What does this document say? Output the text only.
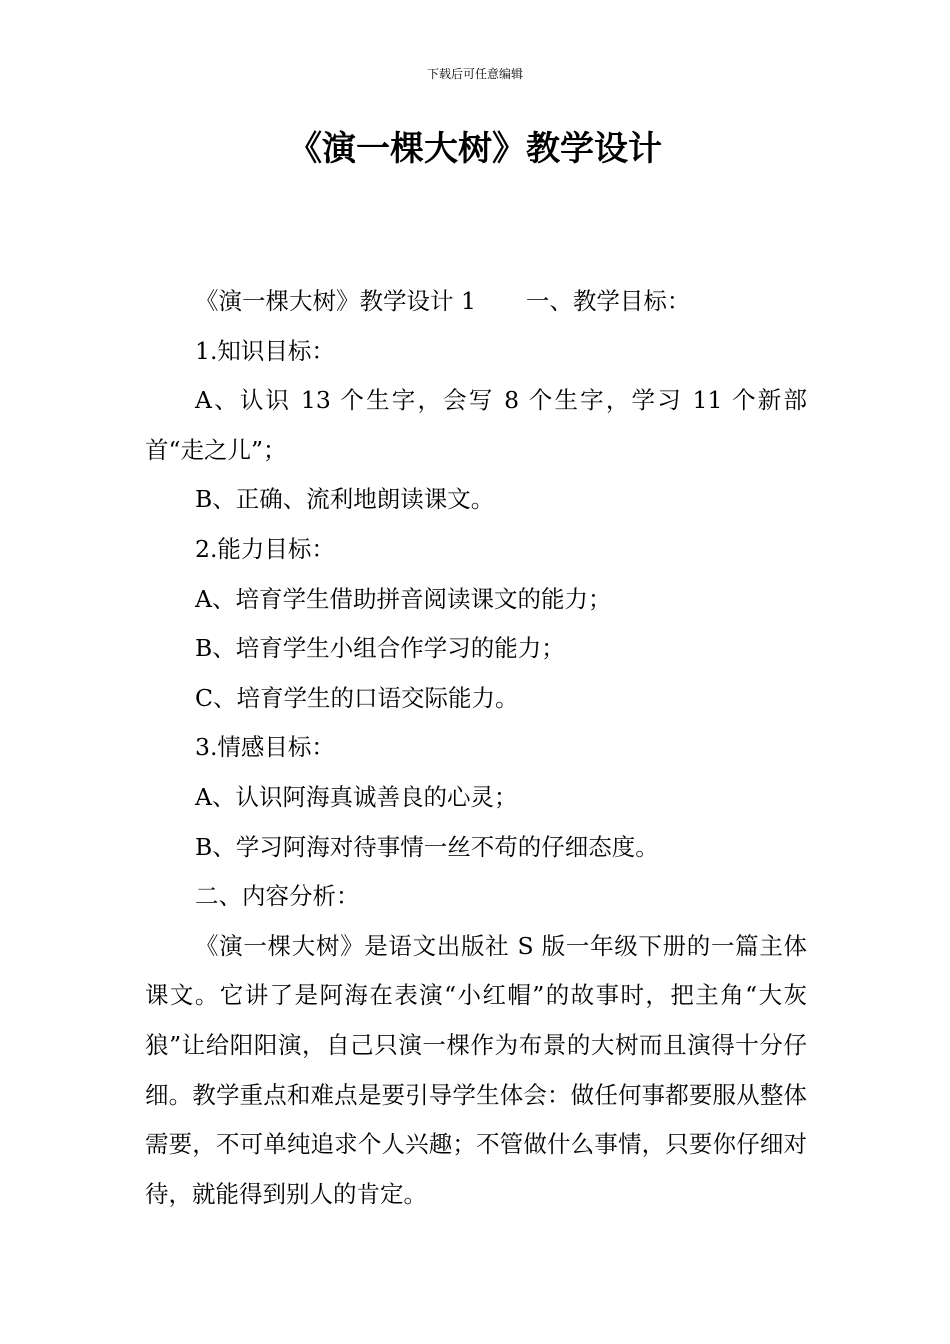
下载后可任意编辑
《演一棵大树》教学设计

《演一棵大树》教学设计 1 一、教学目标：

1.知识目标：

A、认识 13 个生字，会写 8 个生字，学习 11 个新部首“走之儿”；

B、正确、流利地朗读课文。

2.能力目标：

A、培育学生借助拼音阅读课文的能力；

B、培育学生小组合作学习的能力；

C、培育学生的口语交际能力。

3.情感目标：

A、认识阿海真诚善良的心灵；

B、学习阿海对待事情一丝不苟的仔细态度。

二、内容分析：

《演一棵大树》是语文出版社 S 版一年级下册的一篇主体课文。它讲了是阿海在表演“小红帽”的故事时，把主角“大灰狼”让给阳阳演，自己只演一棵作为布景的大树而且演得十分仔细。教学重点和难点是要引导学生体会：做任何事都要服从整体需要，不可单纯追求个人兴趣；不管做什么事情，只要你仔细对待，就能得到别人的肯定。
